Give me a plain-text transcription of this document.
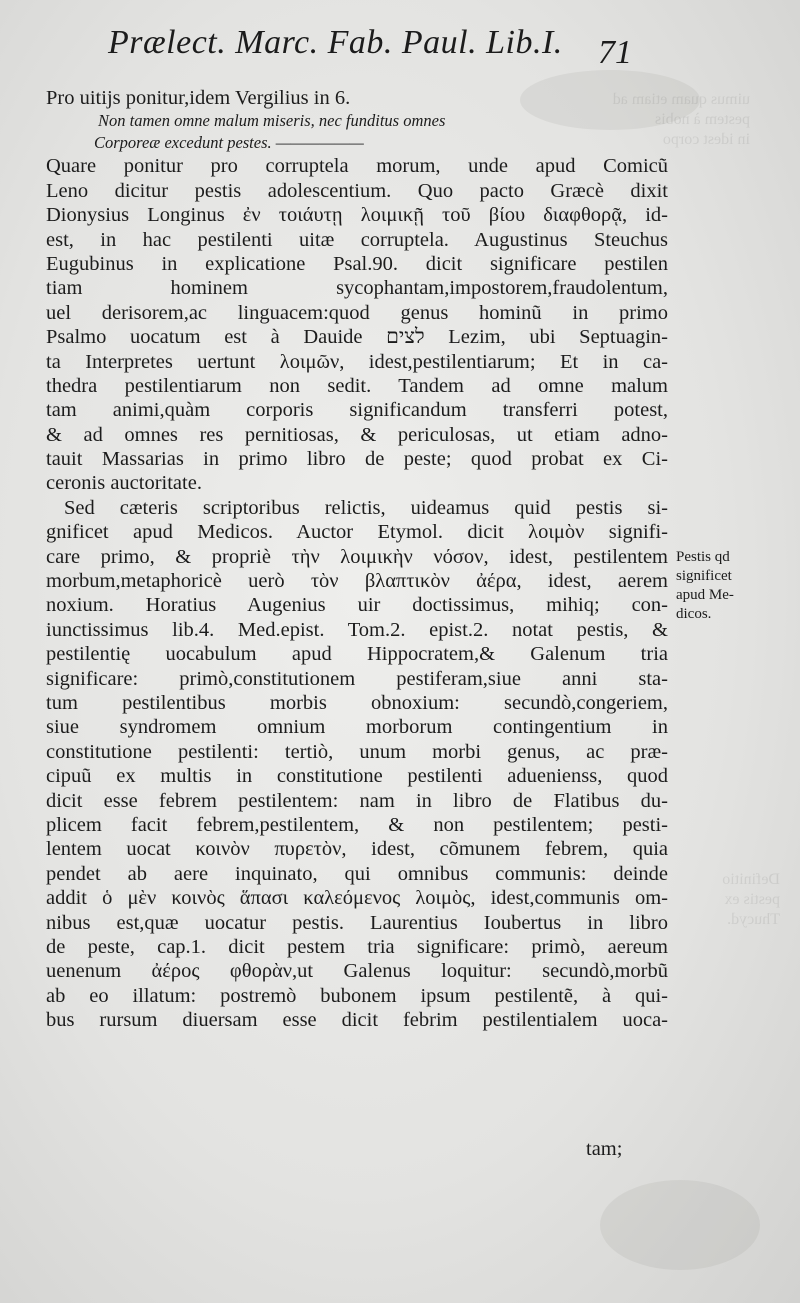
uimus quam etiam ad
pestem à nobis
in idest corpo
Definitio
pestis ex
Thucyd.
Prælect. Marc. Fab. Paul. Lib.I. 71
Pro uitijs ponitur,idem Vergilius in 6.
Non tamen omne malum miseris, nec funditus omnes
Corporeæ excedunt pestes. ——————
Quare ponitur pro corruptela morum, unde apud Comicũ
Leno dicitur pestis adolescentium. Quo pacto Græcè dixit
Dionysius Longinus ἐν τοιάυτῃ λοιμικῇ τοῦ βίου διαφθορᾷ, id-
est, in hac pestilenti uitæ corruptela. Augustinus Steuchus
Eugubinus in explicatione Psal.90. dicit significare pestilen
tiam hominem sycophantam,impostorem,fraudolentum,
uel derisorem,ac linguacem:quod genus hominũ in primo
Psalmo uocatum est à Dauide לצים Lezim, ubi Septuagin-
ta Interpretes uertunt λοιμῶν, idest,pestilentiarum; Et in ca-
thedra pestilentiarum non sedit. Tandem ad omne malum
tam animi,quàm corporis significandum transferri potest,
& ad omnes res pernitiosas, & periculosas, ut etiam adno-
tauit Massarias in primo libro de peste; quod probat ex Ci-
ceronis auctoritate.
Sed cæteris scriptoribus relictis, uideamus quid pestis si-
gnificet apud Medicos. Auctor Etymol. dicit λοιμὸν signifi-
care primo, & propriè τὴν λοιμικὴν νόσον, idest, pestilentem
morbum,metaphoricè uerò τὸν βλαπτικὸν ἀέρα, idest, aerem
noxium. Horatius Augenius uir doctissimus, mihiq; con-
iunctissimus lib.4. Med.epist. Tom.2. epist.2. notat pestis, &
pestilentię uocabulum apud Hippocratem,& Galenum tria
significare: primò,constitutionem pestiferam,siue anni sta-
tum pestilentibus morbis obnoxium: secundò,congeriem,
siue syndromem omnium morborum contingentium in
constitutione pestilenti: tertiò, unum morbi genus, ac præ-
cipuũ ex multis in constitutione pestilenti aduenienss, quod
dicit esse febrem pestilentem: nam in libro de Flatibus du-
plicem facit febrem,pestilentem, & non pestilentem; pesti-
lentem uocat κοινὸν πυρετὸν, idest, cõmunem febrem, quia
pendet ab aere inquinato, qui omnibus communis: deinde
addit ὁ μὲν κοινὸς ἅπασι καλεόμενος λοιμὸς, idest,communis om-
nibus est,quæ uocatur pestis. Laurentius Ioubertus in libro
de peste, cap.1. dicit pestem tria significare: primò, aereum
uenenum ἀέρος φθορὰν,ut Galenus loquitur: secundò,morbũ
ab eo illatum: postremò bubonem ipsum pestilentẽ, à qui-
bus rursum diuersam esse dicit febrim pestilentialem uoca-
Pestis qd
significet
apud Me-
dicos.
tam;
